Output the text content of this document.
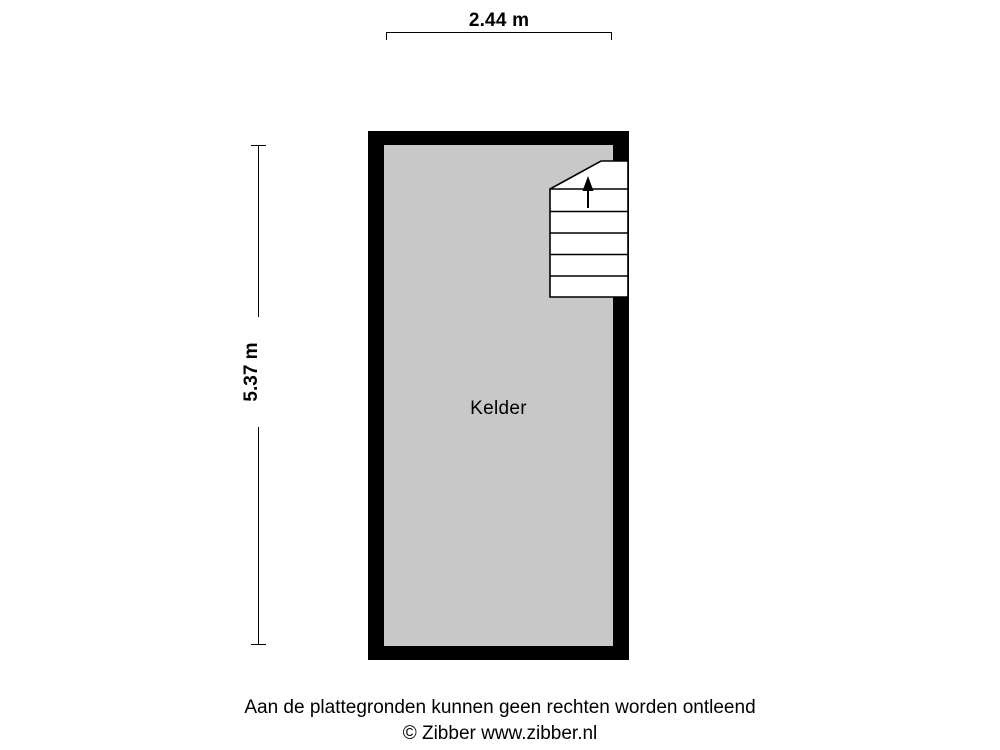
2.44 m
5.37 m
Kelder
Aan de plattegronden kunnen geen rechten worden ontleend
© Zibber www.zibber.nl
